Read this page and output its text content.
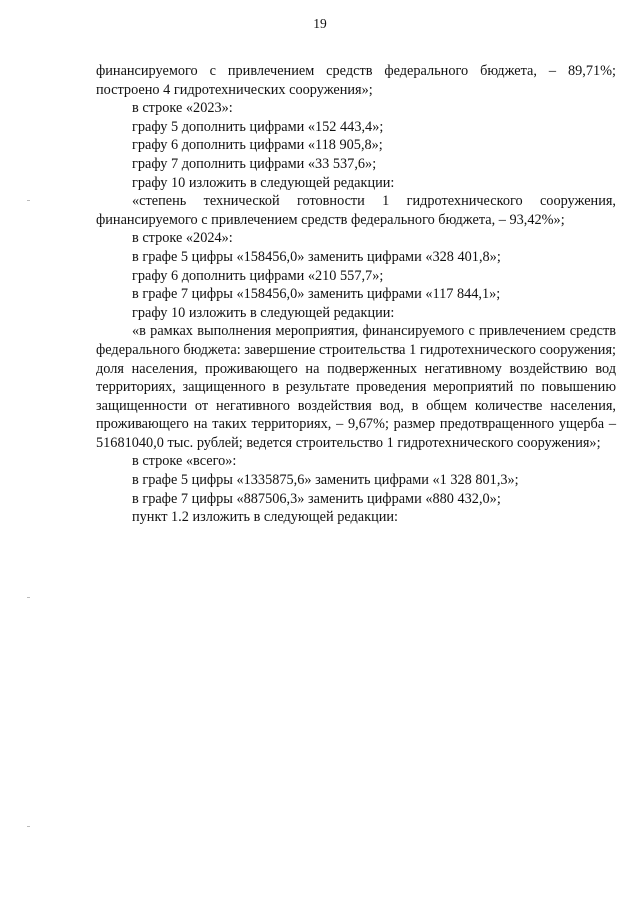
19

финансируемого с привлечением средств федерального бюджета, – 89,71%; построено 4 гидротехнических сооружения»;

в строке «2023»:

графу 5 дополнить цифрами «152 443,4»;

графу 6 дополнить цифрами «118 905,8»;

графу 7 дополнить цифрами «33 537,6»;

графу 10 изложить в следующей редакции:

«степень технической готовности 1 гидротехнического сооружения, финансируемого с привлечением средств федерального бюджета, – 93,42%»;

в строке «2024»:

в графе 5 цифры «158456,0» заменить цифрами «328 401,8»;

графу 6 дополнить цифрами «210 557,7»;

в графе 7 цифры «158456,0» заменить цифрами «117 844,1»;

графу 10 изложить в следующей редакции:

«в рамках выполнения мероприятия, финансируемого с привлечением средств федерального бюджета: завершение строительства 1 гидротехнического сооружения; доля населения, проживающего на подверженных негативному воздействию вод территориях, защищенного в результате проведения мероприятий по повышению защищенности от негативного воздействия вод, в общем количестве населения, проживающего на таких территориях, – 9,67%; размер предотвращенного ущерба – 51681040,0 тыс. рублей; ведется строительство 1 гидротехнического сооружения»;

в строке «всего»:

в графе 5 цифры «1335875,6» заменить цифрами «1 328 801,3»;

в графе 7 цифры «887506,3» заменить цифрами «880 432,0»;

пункт 1.2 изложить в следующей редакции:
